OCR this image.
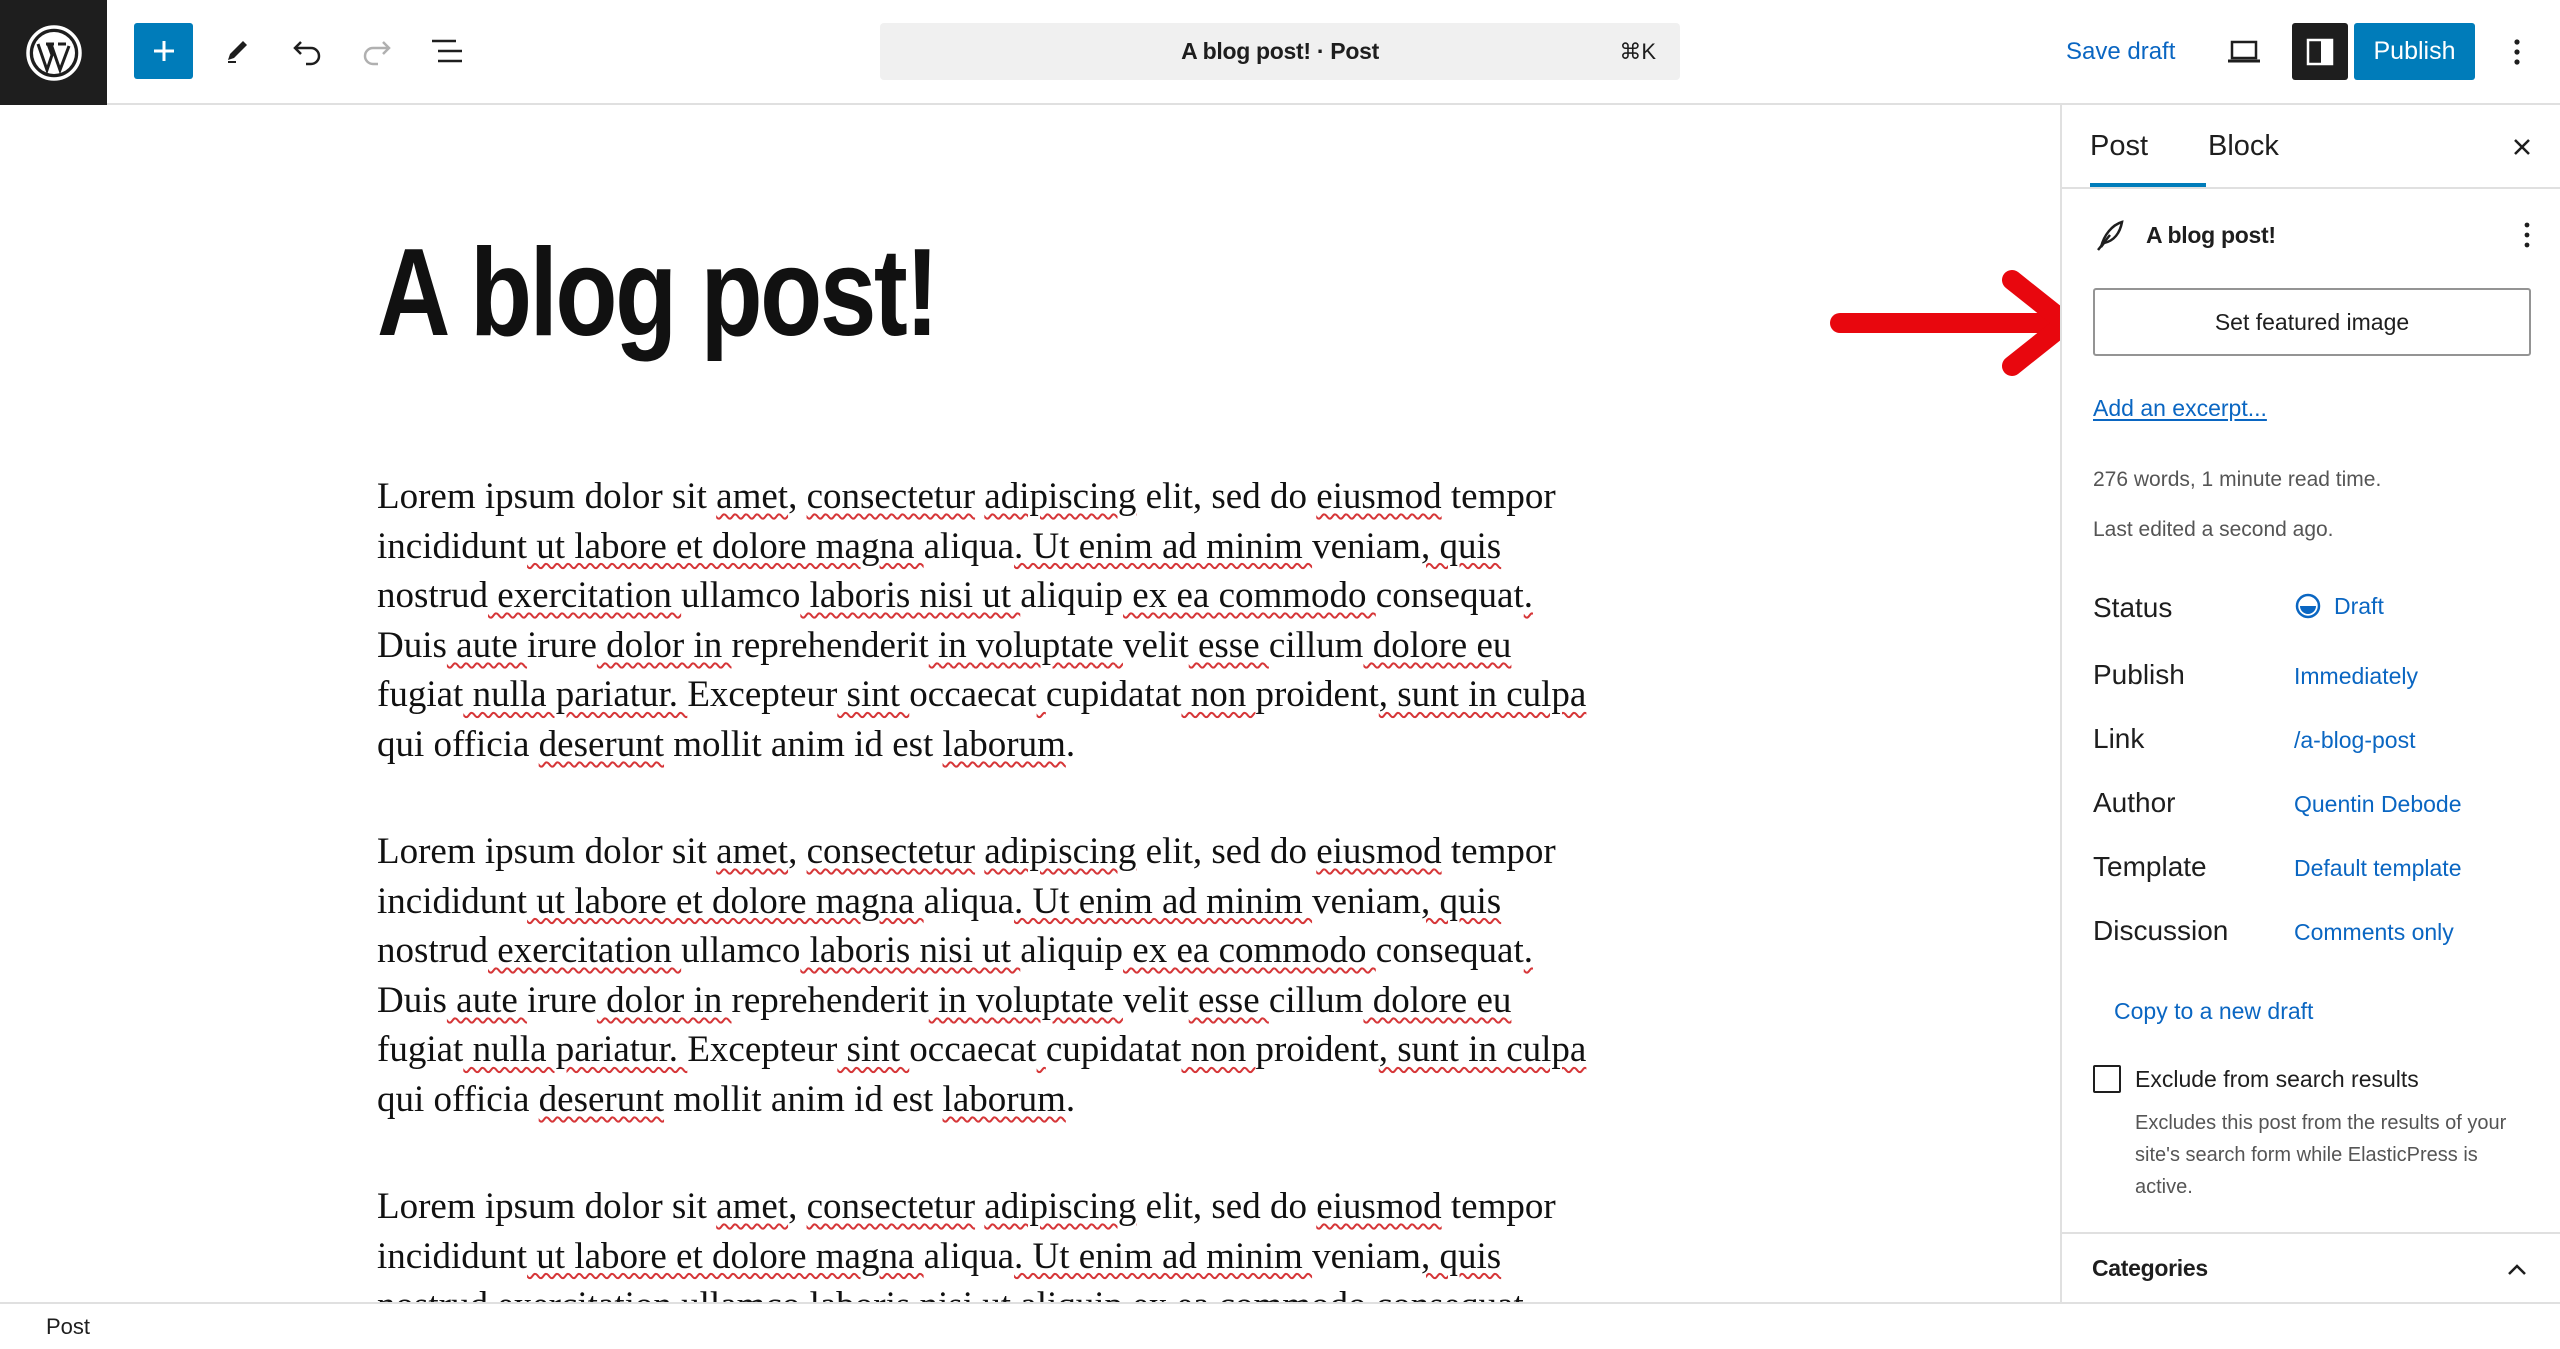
A blog post! · Post	⌘K	Save draft	Publish
A blog post!

Lorem ipsum dolor sit amet, consectetur adipiscing elit, sed do eiusmod tempor
incididunt ut labore et dolore magna aliqua. Ut enim ad minim veniam, quis
nostrud exercitation ullamco laboris nisi ut aliquip ex ea commodo consequat.
Duis aute irure dolor in reprehenderit in voluptate velit esse cillum dolore eu
fugiat nulla pariatur. Excepteur sint occaecat cupidatat non proident, sunt in culpa
qui officia deserunt mollit anim id est laborum.

Lorem ipsum dolor sit amet, consectetur adipiscing elit, sed do eiusmod tempor
incididunt ut labore et dolore magna aliqua. Ut enim ad minim veniam, quis
nostrud exercitation ullamco laboris nisi ut aliquip ex ea commodo consequat.
Duis aute irure dolor in reprehenderit in voluptate velit esse cillum dolore eu
fugiat nulla pariatur. Excepteur sint occaecat cupidatat non proident, sunt in culpa
qui officia deserunt mollit anim id est laborum.

Lorem ipsum dolor sit amet, consectetur adipiscing elit, sed do eiusmod tempor
incididunt ut labore et dolore magna aliqua. Ut enim ad minim veniam, quis

Post	Block
A blog post!
Set featured image
Add an excerpt...
276 words, 1 minute read time.
Last edited a second ago.
Status	Draft
Publish	Immediately
Link	/a-blog-post
Author	Quentin Debode
Template	Default template
Discussion	Comments only
Copy to a new draft
Exclude from search results

Excludes this post from the results of your site's search form while ElasticPress is active.

Categories
Post
